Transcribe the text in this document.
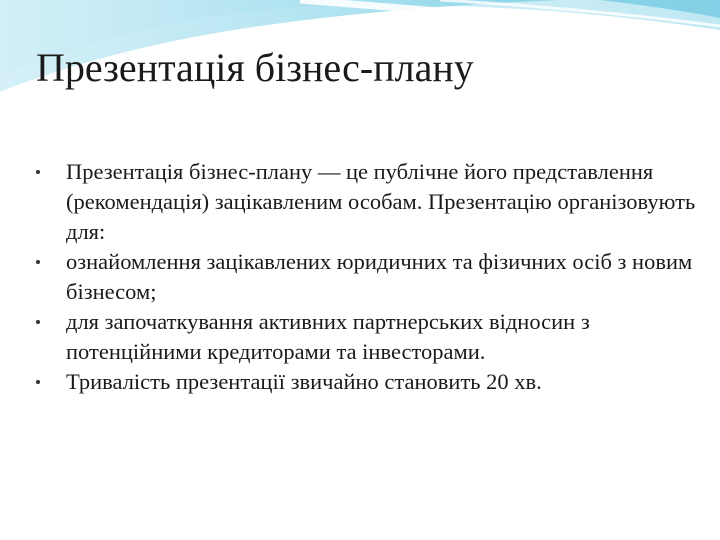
Презентація бізнес-плану
Презентація бізнес-плану — це публічне його представлення (рекомендація) зацікавленим особам. Презентацію організовують для:
ознайомлення зацікавлених юридичних та фізичних осіб з новим бізнесом;
для започаткування активних партнерських відносин з потенційними кредиторами та інвесторами.
Тривалість презентації звичайно становить 20 хв.
